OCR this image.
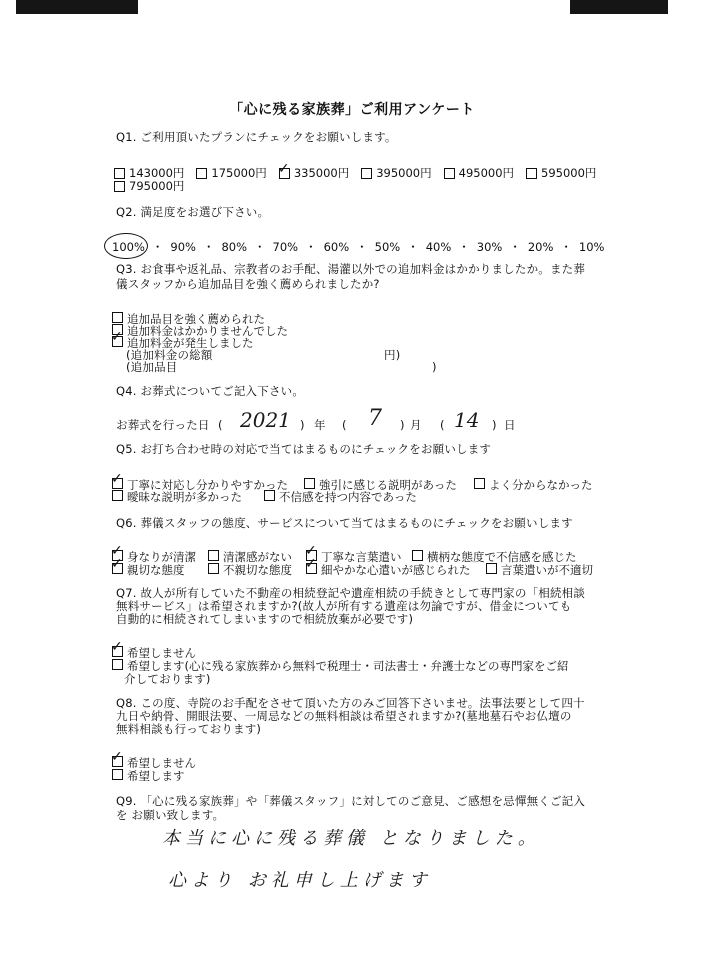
「心に残る家族葬」ご利用アンケート
Q1. ご利用頂いたプランにチェックをお願いします。
143000円 175000円 ✓ 335000円 395000円 495000円 595000円
795000円
Q2. 満足度をお選び下さい。
100% ・ 90% ・ 80% ・ 70% ・ 60% ・ 50% ・ 40% ・ 30% ・ 20% ・ 10%
Q3. お食事や返礼品、宗教者のお手配、湯灌以外での追加料金はかかりましたか。また葬
儀スタッフから追加品目を強く薦められましたか?
追加品目を強く薦められた
追加料金はかかりませんでした
✓
追加料金が発生しました
(追加料金の総額	円)
(追加品目	)
Q4. お葬式についてご記入下さい。
お葬式を行った日 ( 2021 ) 年 ( 7 ) 月 ( 14 ) 日
Q5. お打ち合わせ時の対応で当てはまるものにチェックをお願いします
✓
丁寧に対応し分かりやすかった	強引に感じる説明があった	よく分からなかった
曖昧な説明が多かった	不信感を持つ内容であった
Q6. 葬儀スタッフの態度、サービスについて当てはまるものにチェックをお願いします
✓
身なりが清潔 清潔感がない ✓	丁寧な言葉遣い 横柄な態度で不信感を感じた
✓
親切な態度	不親切な態度 ✓	細やかな心遣いが感じられた	言葉遣いが不適切
Q7. 故人が所有していた不動産の相続登記や遺産相続の手続きとして専門家の「相続相談
無料サービス」は希望されますか?(故人が所有する遺産は勿論ですが、借金についても
自動的に相続されてしまいますので相続放棄が必要です)
✓
希望しません
希望します(心に残る家族葬から無料で税理士・司法書士・弁護士などの専門家をご紹
介しております)
Q8. この度、寺院のお手配をさせて頂いた方のみご回答下さいませ。法事法要として四十
九日や納骨、開眼法要、一周忌などの無料相談は希望されますか?(墓地墓石やお仏壇の
無料相談も行っております)
✓
希望しません
希望します
Q9. 「心に残る家族葬」や「葬儀スタッフ」に対してのご意見、ご感想を忌憚無くご記入
を お願い致します。
本当に心に残る葬儀 となりました。
心より お礼申し上げます
